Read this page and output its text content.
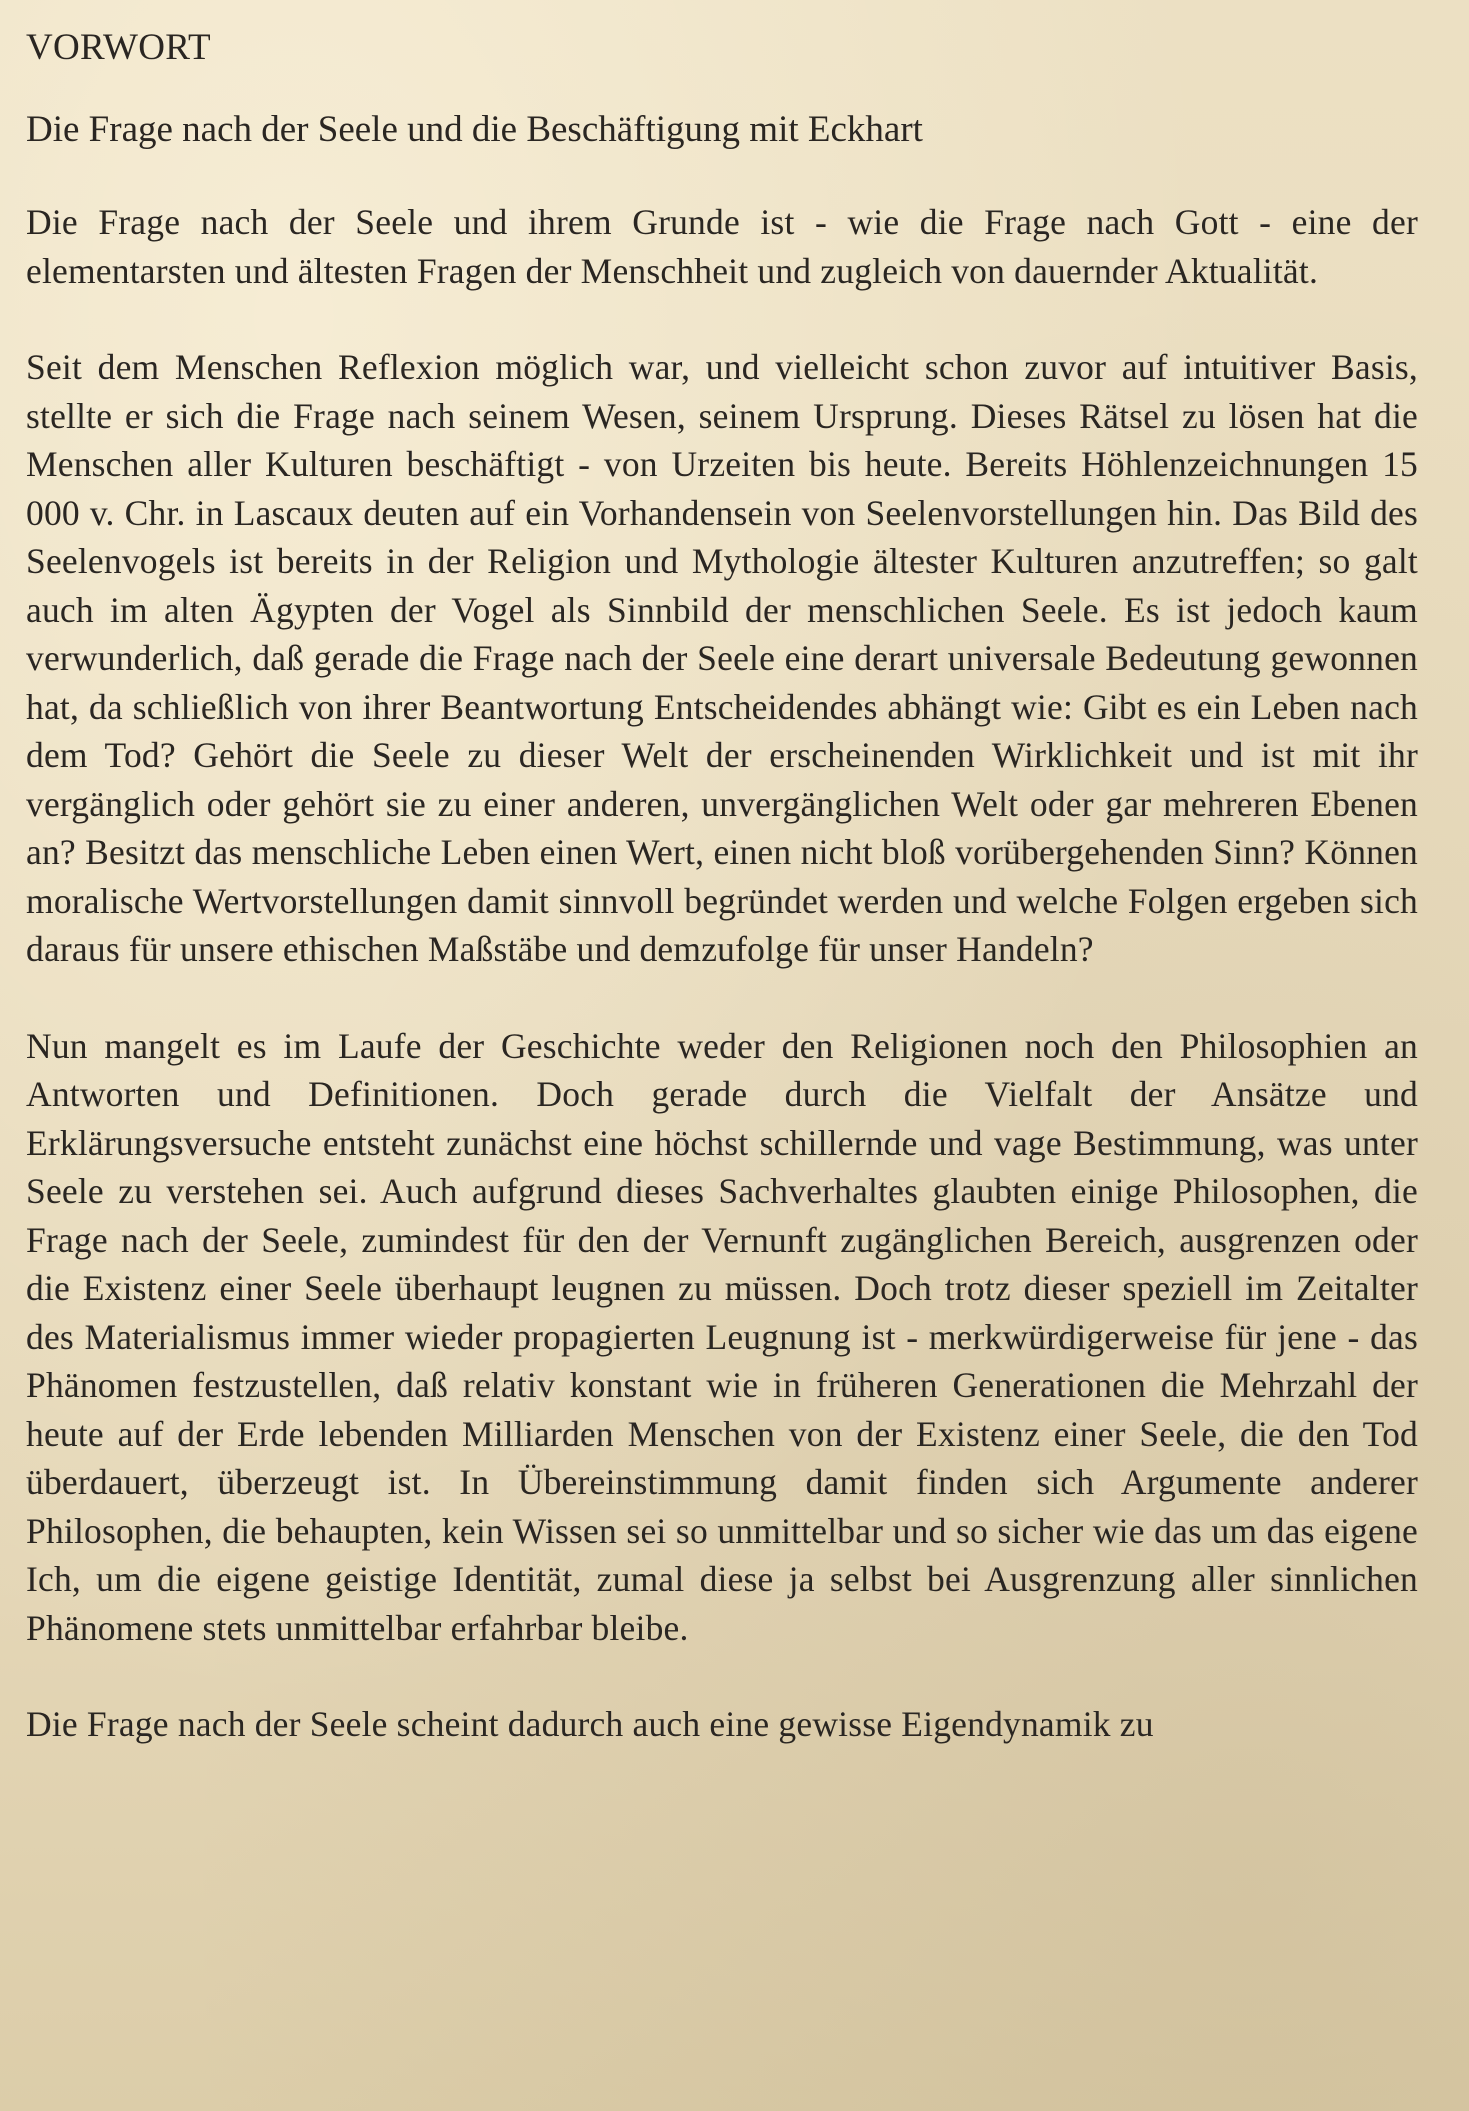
VORWORT
Die Frage nach der Seele und die Beschäftigung mit Eckhart

Die Frage nach der Seele und ihrem Grunde ist - wie die Frage nach Gott - eine der elementarsten und ältesten Fragen der Menschheit und zugleich von dauernder Aktualität.

Seit dem Menschen Reflexion möglich war, und vielleicht schon zuvor auf intuitiver Basis, stellte er sich die Frage nach seinem Wesen, seinem Ursprung. Dieses Rätsel zu lösen hat die Menschen aller Kulturen beschäftigt - von Urzeiten bis heute. Bereits Höhlenzeichnungen 15 000 v. Chr. in Lascaux deuten auf ein Vorhandensein von Seelenvorstellungen hin. Das Bild des Seelenvogels ist bereits in der Religion und Mythologie ältester Kulturen anzutreffen; so galt auch im alten Ägypten der Vogel als Sinnbild der menschlichen Seele. Es ist jedoch kaum verwunderlich, daß gerade die Frage nach der Seele eine derart universale Bedeutung gewonnen hat, da schließlich von ihrer Beantwortung Entscheidendes abhängt wie: Gibt es ein Leben nach dem Tod? Gehört die Seele zu dieser Welt der erscheinenden Wirklichkeit und ist mit ihr vergänglich oder gehört sie zu einer anderen, unvergänglichen Welt oder gar mehreren Ebenen an? Besitzt das menschliche Leben einen Wert, einen nicht bloß vorübergehenden Sinn? Können moralische Wertvorstellungen damit sinnvoll begründet werden und welche Folgen ergeben sich daraus für unsere ethischen Maßstäbe und demzufolge für unser Handeln?

Nun mangelt es im Laufe der Geschichte weder den Religionen noch den Philosophien an Antworten und Definitionen. Doch gerade durch die Vielfalt der Ansätze und Erklärungsversuche entsteht zunächst eine höchst schillernde und vage Bestimmung, was unter Seele zu verstehen sei. Auch aufgrund dieses Sachverhaltes glaubten einige Philosophen, die Frage nach der Seele, zumindest für den der Vernunft zugänglichen Bereich, ausgrenzen oder die Existenz einer Seele überhaupt leugnen zu müssen. Doch trotz dieser speziell im Zeitalter des Materialismus immer wieder propagierten Leugnung ist - merkwürdigerweise für jene - das Phänomen festzustellen, daß relativ konstant wie in früheren Generationen die Mehrzahl der heute auf der Erde lebenden Milliarden Menschen von der Existenz einer Seele, die den Tod überdauert, überzeugt ist. In Übereinstimmung damit finden sich Argumente anderer Philosophen, die behaupten, kein Wissen sei so unmittelbar und so sicher wie das um das eigene Ich, um die eigene geistige Identität, zumal diese ja selbst bei Ausgrenzung aller sinnlichen Phänomene stets unmittelbar erfahrbar bleibe.

Die Frage nach der Seele scheint dadurch auch eine gewisse Eigendynamik zu
